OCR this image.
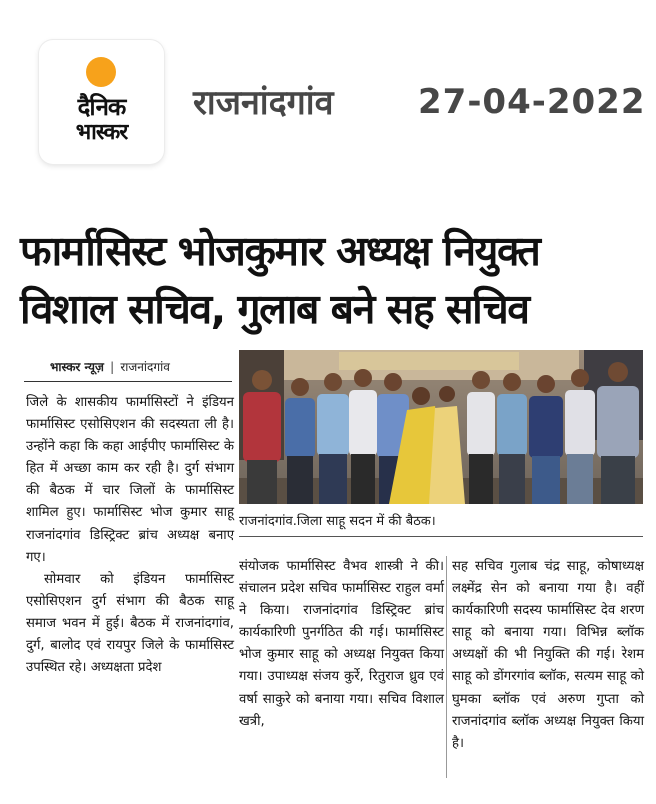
दैनिक
भास्कर
राजनांदगांव 27-04-2022
फार्मासिस्ट भोजकुमार अध्यक्ष नियुक्त
विशाल सचिव, गुलाब बने सह सचिव
भास्कर न्यूज़ | राजनांदगांव

जिले के शासकीय फार्मासिस्टों ने इंडियन फार्मासिस्ट एसोसिएशन की सदस्यता ली है। उन्होंने कहा कि कहा आईपीए फार्मासिस्ट के हित में अच्छा काम कर रही है। दुर्ग संभाग की बैठक में चार जिलों के फार्मासिस्ट शामिल हुए। फार्मासिस्ट भोज कुमार साहू राजनांदगांव डिस्ट्रिक्ट ब्रांच अध्यक्ष बनाए गए।

सोमवार को इंडियन फार्मासिस्ट एसोसिएशन दुर्ग संभाग की बैठक साहू समाज भवन में हुई। बैठक में राजनांदगांव, दुर्ग, बालोद एवं रायपुर जिले के फार्मासिस्ट उपस्थित रहे। अध्यक्षता प्रदेश

राजनांदगांव.जिला साहू सदन में की बैठक।

संयोजक फार्मासिस्ट वैभव शास्त्री ने की। संचालन प्रदेश सचिव फार्मासिस्ट राहुल वर्मा ने किया। राजनांदगांव डिस्ट्रिक्ट ब्रांच कार्यकारिणी पुनर्गठित की गई। फार्मासिस्ट भोज कुमार साहू को अध्यक्ष नियुक्त किया गया। उपाध्यक्ष संजय कुर्रे, रितुराज ध्रुव एवं वर्षा साकुरे को बनाया गया। सचिव विशाल खत्री,

सह सचिव गुलाब चंद्र साहू, कोषाध्यक्ष लक्ष्मेंद्र सेन को बनाया गया है। वहीं कार्यकारिणी सदस्य फार्मासिस्ट देव शरण साहू को बनाया गया। विभिन्न ब्लॉक अध्यक्षों की भी नियुक्ति की गई। रेशम साहू को डोंगरगांव ब्लॉक, सत्यम साहू को घुमका ब्लॉक एवं अरुण गुप्ता को राजनांदगांव ब्लॉक अध्यक्ष नियुक्त किया है।
